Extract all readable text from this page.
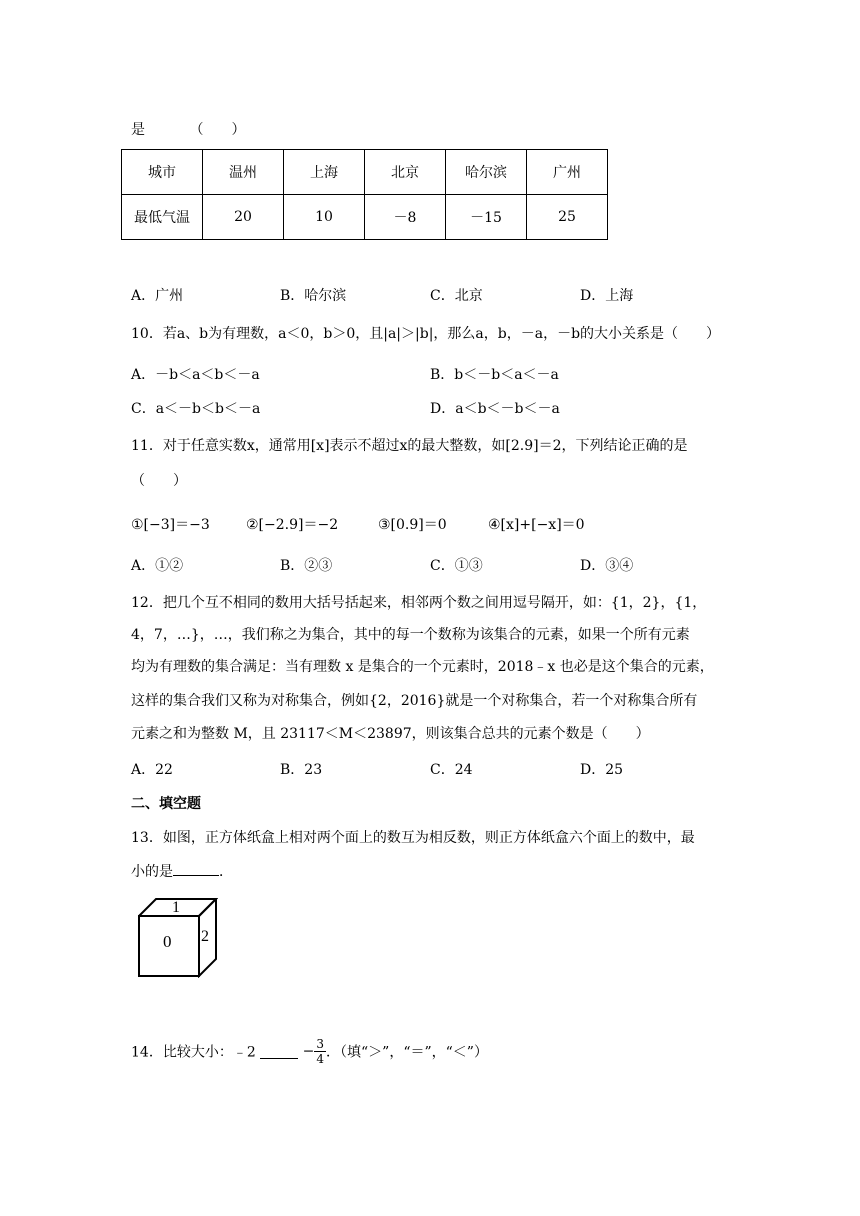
是	（　　）
城市	温州	上海	北京	哈尔滨	广州
最低气温	20	10	－8	－15	25
A．广州	B．哈尔滨	C．北京	D．上海
10．若a、b为有理数，a＜0，b＞0，且|a|＞|b|，那么a，b，－a，－b的大小关系是（　　）
A．－b＜a＜b＜－a	B．b＜－b＜a＜－a
C．a＜－b＜b＜－a	D．a＜b＜－b＜－a
11．对于任意实数x，通常用[x]表示不超过x的最大整数，如[2.9]＝2，下列结论正确的是
（　　）
①[−3]＝−3	②[−2.9]＝−2	③[0.9]＝0	④[x]+[−x]＝0
A．①②	B．②③	C．①③	D．③④
12．把几个互不相同的数用大括号括起来，相邻两个数之间用逗号隔开，如：{1，2}，{1，
4，7，…}，…，我们称之为集合，其中的每一个数称为该集合的元素，如果一个所有元素
均为有理数的集合满足：当有理数 x 是集合的一个元素时，2018﹣x 也必是这个集合的元素，
这样的集合我们又称为对称集合，例如{2，2016}就是一个对称集合，若一个对称集合所有
元素之和为整数 M，且 23117＜M＜23897，则该集合总共的元素个数是（　　）
A．22	B．23	C．24	D．25
二、填空题
13．如图，正方体纸盒上相对两个面上的数互为相反数，则正方体纸盒六个面上的数中，最
小的是	．
1
0 2
14．比较大小：﹣2	− $\frac{3}{4}$ ．（填“＞”，“＝”，“＜”）
